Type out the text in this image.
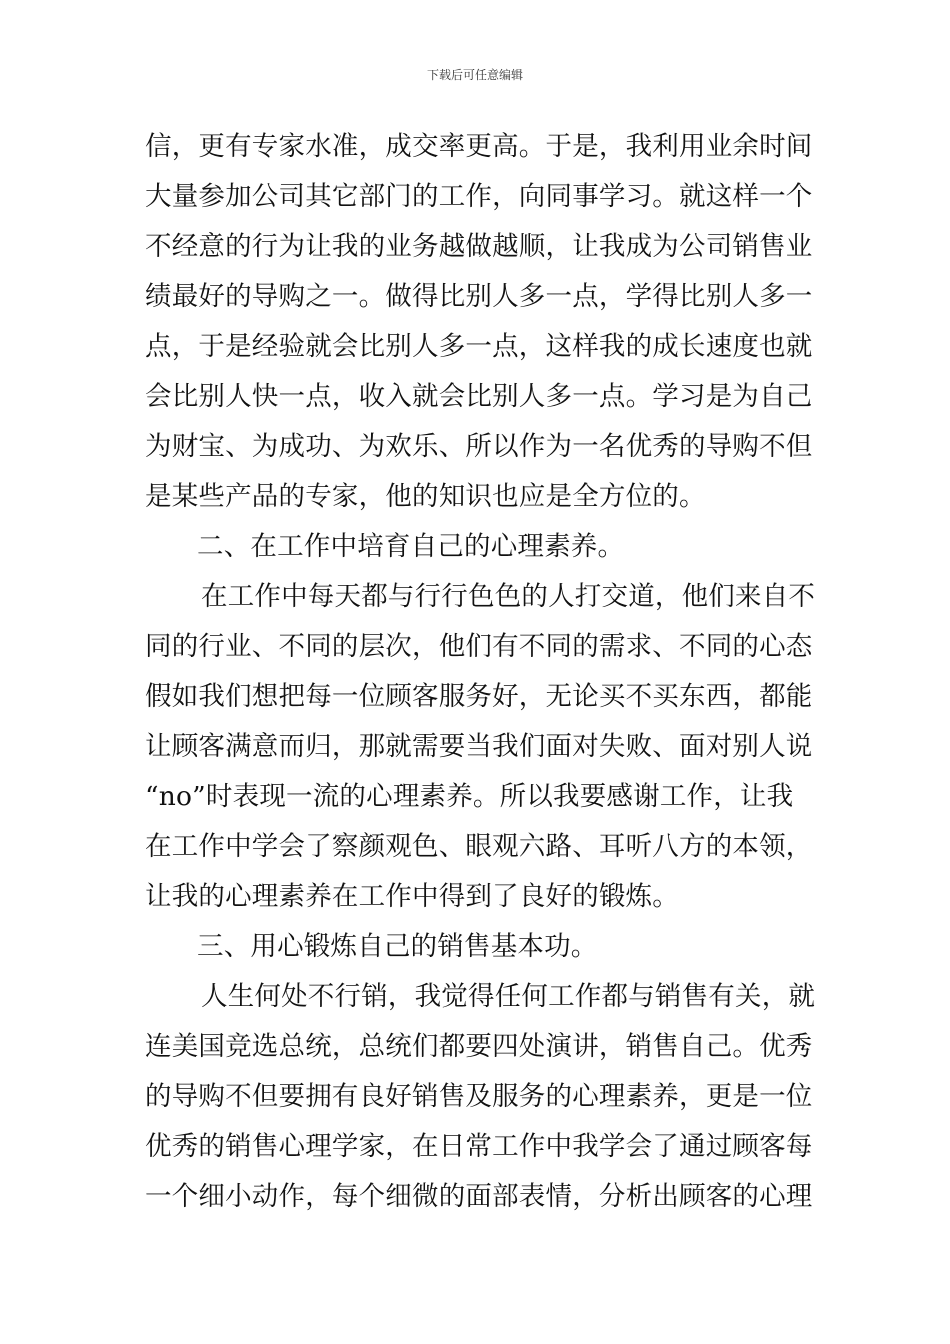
下载后可任意编辑
信，更有专家水准，成交率更高。于是，我利用业余时间
大量参加公司其它部门的工作，向同事学习。就这样一个
不经意的行为让我的业务越做越顺，让我成为公司销售业
绩最好的导购之一。做得比别人多一点，学得比别人多一
点，于是经验就会比别人多一点，这样我的成长速度也就
会比别人快一点，收入就会比别人多一点。学习是为自己
为财宝、为成功、为欢乐、所以作为一名优秀的导购不但
是某些产品的专家，他的知识也应是全方位的。
二、在工作中培育自己的心理素养。
在工作中每天都与行行色色的人打交道，他们来自不
同的行业、不同的层次，他们有不同的需求、不同的心态
假如我们想把每一位顾客服务好，无论买不买东西，都能
让顾客满意而归，那就需要当我们面对失败、面对别人说
“no”时表现一流的心理素养。所以我要感谢工作，让我
在工作中学会了察颜观色、眼观六路、耳听八方的本领，
让我的心理素养在工作中得到了良好的锻炼。
三、用心锻炼自己的销售基本功。
人生何处不行销，我觉得任何工作都与销售有关，就
连美国竞选总统，总统们都要四处演讲，销售自己。优秀
的导购不但要拥有良好销售及服务的心理素养，更是一位
优秀的销售心理学家，在日常工作中我学会了通过顾客每
一个细小动作，每个细微的面部表情，分析出顾客的心理
